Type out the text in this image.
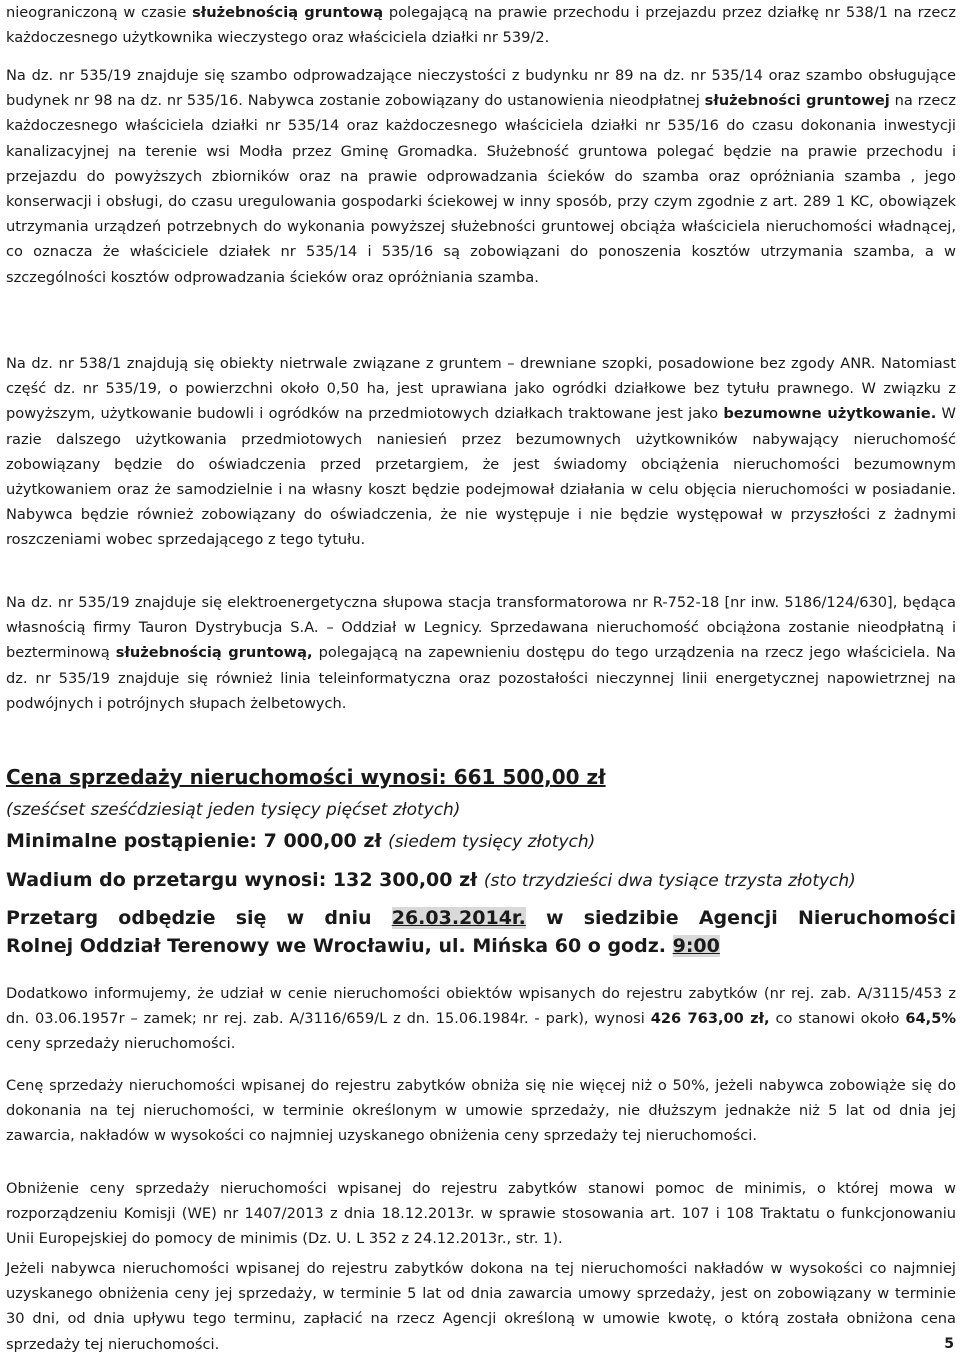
nieograniczoną w czasie służebnością gruntową polegającą na prawie przechodu i przejazdu przez działkę nr 538/1 na rzecz każdoczesnego użytkownika wieczystego oraz właściciela działki nr 539/2.

Na dz. nr 535/19 znajduje się szambo odprowadzające nieczystości z budynku nr 89 na dz. nr 535/14 oraz szambo obsługujące budynek nr 98 na dz. nr 535/16. Nabywca zostanie zobowiązany do ustanowienia nieodpłatnej służebności gruntowej na rzecz każdoczesnego właściciela działki nr 535/14 oraz każdoczesnego właściciela działki nr 535/16 do czasu dokonania inwestycji kanalizacyjnej na terenie wsi Modła przez Gminę Gromadka. Służebność gruntowa polegać będzie na prawie przechodu i przejazdu do powyższych zbiorników oraz na prawie odprowadzania ścieków do szamba oraz opróżniania szamba , jego konserwacji i obsługi, do czasu uregulowania gospodarki ściekowej w inny sposób, przy czym zgodnie z art. 289 1 KC, obowiązek utrzymania urządzeń potrzebnych do wykonania powyższej służebności gruntowej obciąża właściciela nieruchomości władnącej, co oznacza że właściciele działek nr 535/14 i 535/16 są zobowiązani do ponoszenia kosztów utrzymania szamba, a w szczególności kosztów odprowadzania ścieków oraz opróżniania szamba.

Na dz. nr 538/1 znajdują się obiekty nietrwale związane z gruntem – drewniane szopki, posadowione bez zgody ANR. Natomiast część dz. nr 535/19, o powierzchni około 0,50 ha, jest uprawiana jako ogródki działkowe bez tytułu prawnego. W związku z powyższym, użytkowanie budowli i ogródków na przedmiotowych działkach traktowane jest jako bezumowne użytkowanie. W razie dalszego użytkowania przedmiotowych naniesień przez bezumownych użytkowników nabywający nieruchomość zobowiązany będzie do oświadczenia przed przetargiem, że jest świadomy obciążenia nieruchomości bezumownym użytkowaniem oraz że samodzielnie i na własny koszt będzie podejmował działania w celu objęcia nieruchomości w posiadanie. Nabywca będzie również zobowiązany do oświadczenia, że nie występuje i nie będzie występował w przyszłości z żadnymi roszczeniami wobec sprzedającego z tego tytułu.

Na dz. nr 535/19 znajduje się elektroenergetyczna słupowa stacja transformatorowa nr R-752-18 [nr inw. 5186/124/630], będąca własnością firmy Tauron Dystrybucja S.A. – Oddział w Legnicy. Sprzedawana nieruchomość obciążona zostanie nieodpłatną i bezterminową służebnością gruntową, polegającą na zapewnieniu dostępu do tego urządzenia na rzecz jego właściciela. Na dz. nr 535/19 znajduje się również linia teleinformatyczna oraz pozostałości nieczynnej linii energetycznej napowietrznej na podwójnych i potrójnych słupach żelbetowych.

Cena sprzedaży nieruchomości wynosi: 661 500,00 zł

(sześćset sześćdziesiąt jeden tysięcy pięćset złotych)

Minimalne postąpienie: 7 000,00 zł (siedem tysięcy złotych)

Wadium do przetargu wynosi: 132 300,00 zł (sto trzydzieści dwa tysiące trzysta złotych)

Przetarg odbędzie się w dniu 26.03.2014r. w siedzibie Agencji Nieruchomości

Rolnej Oddział Terenowy we Wrocławiu, ul. Mińska 60 o godz. 9:00

Dodatkowo informujemy, że udział w cenie nieruchomości obiektów wpisanych do rejestru zabytków (nr rej. zab. A/3115/453 z dn. 03.06.1957r – zamek; nr rej. zab. A/3116/659/L z dn. 15.06.1984r. - park), wynosi 426 763,00 zł, co stanowi około 64,5% ceny sprzedaży nieruchomości.

Cenę sprzedaży nieruchomości wpisanej do rejestru zabytków obniża się nie więcej niż o 50%, jeżeli nabywca zobowiąże się do dokonania na tej nieruchomości, w terminie określonym w umowie sprzedaży, nie dłuższym jednakże niż 5 lat od dnia jej zawarcia, nakładów w wysokości co najmniej uzyskanego obniżenia ceny sprzedaży tej nieruchomości.

Obniżenie ceny sprzedaży nieruchomości wpisanej do rejestru zabytków stanowi pomoc de minimis, o której mowa w rozporządzeniu Komisji (WE) nr 1407/2013 z dnia 18.12.2013r. w sprawie stosowania art. 107 i 108 Traktatu o funkcjonowaniu Unii Europejskiej do pomocy de minimis (Dz. U. L 352 z 24.12.2013r., str. 1).

Jeżeli nabywca nieruchomości wpisanej do rejestru zabytków dokona na tej nieruchomości nakładów w wysokości co najmniej uzyskanego obniżenia ceny jej sprzedaży, w terminie 5 lat od dnia zawarcia umowy sprzedaży, jest on zobowiązany w terminie 30 dni, od dnia upływu tego terminu, zapłacić na rzecz Agencji określoną w umowie kwotę, o którą została obniżona cena sprzedaży tej nieruchomości.	5
